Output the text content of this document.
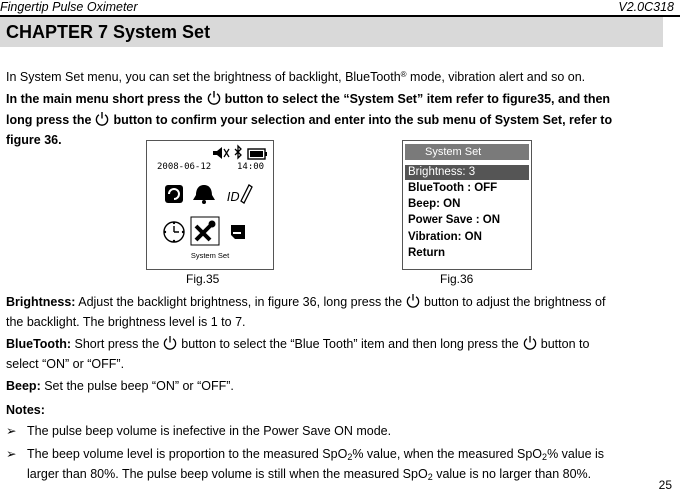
Fingertip Pulse Oximeter	V2.0C318
CHAPTER 7 System Set
In System Set menu, you can set the brightness of backlight, BlueTooth® mode, vibration alert and so on.
In the main menu short press the button to select the “System Set” item refer to figure35, and then
long press the button to confirm your selection and enter into the sub menu of System Set, refer to
figure 36.
ID
2008-06-12	14:00
System Set
Fig.35
System Set
Brightness: 3
BlueTooth : OFF
Beep: ON
Power Save : ON
Vibration: ON
Return
Fig.36
Brightness: Adjust the backlight brightness, in figure 36, long press the button to adjust the brightness of
the backlight. The brightness level is 1 to 7.
BlueTooth: Short press the button to select the “Blue Tooth” item and then long press the button to
select “ON” or “OFF”.
Beep: Set the pulse beep “ON” or “OFF”.
Notes:
➢ The pulse beep volume is inefective in the Power Save ON mode.
➢ The beep volume level is proportion to the measured SpO2% value, when the measured SpO2% value is
larger than 80%. The pulse beep volume is still when the measured SpO2 value is no larger than 80%.
25
